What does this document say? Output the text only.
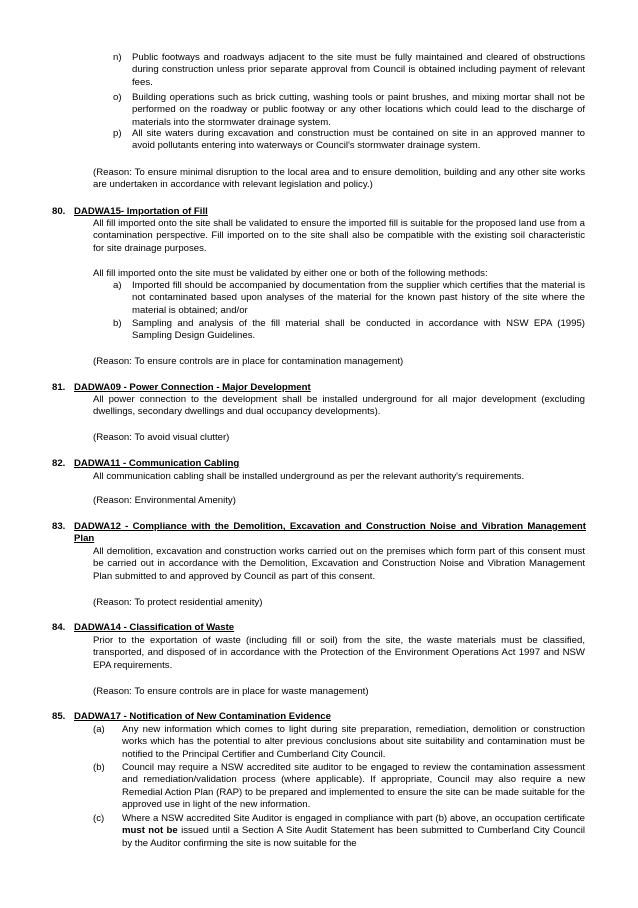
n) Public footways and roadways adjacent to the site must be fully maintained and cleared of obstructions during construction unless prior separate approval from Council is obtained including payment of relevant fees.
o) Building operations such as brick cutting, washing tools or paint brushes, and mixing mortar shall not be performed on the roadway or public footway or any other locations which could lead to the discharge of materials into the stormwater drainage system.
p) All site waters during excavation and construction must be contained on site in an approved manner to avoid pollutants entering into waterways or Council's stormwater drainage system.
(Reason: To ensure minimal disruption to the local area and to ensure demolition, building and any other site works are undertaken in accordance with relevant legislation and policy.)
80. DADWA15- Importation of Fill
All fill imported onto the site shall be validated to ensure the imported fill is suitable for the proposed land use from a contamination perspective. Fill imported on to the site shall also be compatible with the existing soil characteristic for site drainage purposes.
All fill imported onto the site must be validated by either one or both of the following methods:
a) Imported fill should be accompanied by documentation from the supplier which certifies that the material is not contaminated based upon analyses of the material for the known past history of the site where the material is obtained; and/or
b) Sampling and analysis of the fill material shall be conducted in accordance with NSW EPA (1995) Sampling Design Guidelines.
(Reason: To ensure controls are in place for contamination management)
81. DADWA09 - Power Connection - Major Development
All power connection to the development shall be installed underground for all major development (excluding dwellings, secondary dwellings and dual occupancy developments).
(Reason: To avoid visual clutter)
82. DADWA11 - Communication Cabling
All communication cabling shall be installed underground as per the relevant authority's requirements.
(Reason: Environmental Amenity)
83. DADWA12 - Compliance with the Demolition, Excavation and Construction Noise and Vibration Management Plan
All demolition, excavation and construction works carried out on the premises which form part of this consent must be carried out in accordance with the Demolition, Excavation and Construction Noise and Vibration Management Plan submitted to and approved by Council as part of this consent.
(Reason: To protect residential amenity)
84. DADWA14 - Classification of Waste
Prior to the exportation of waste (including fill or soil) from the site, the waste materials must be classified, transported, and disposed of in accordance with the Protection of the Environment Operations Act 1997 and NSW EPA requirements.
(Reason: To ensure controls are in place for waste management)
85. DADWA17 - Notification of New Contamination Evidence
(a) Any new information which comes to light during site preparation, remediation, demolition or construction works which has the potential to alter previous conclusions about site suitability and contamination must be notified to the Principal Certifier and Cumberland City Council.
(b) Council may require a NSW accredited site auditor to be engaged to review the contamination assessment and remediation/validation process (where applicable). If appropriate, Council may also require a new Remedial Action Plan (RAP) to be prepared and implemented to ensure the site can be made suitable for the approved use in light of the new information.
(c) Where a NSW accredited Site Auditor is engaged in compliance with part (b) above, an occupation certificate must not be issued until a Section A Site Audit Statement has been submitted to Cumberland City Council by the Auditor confirming the site is now suitable for the
